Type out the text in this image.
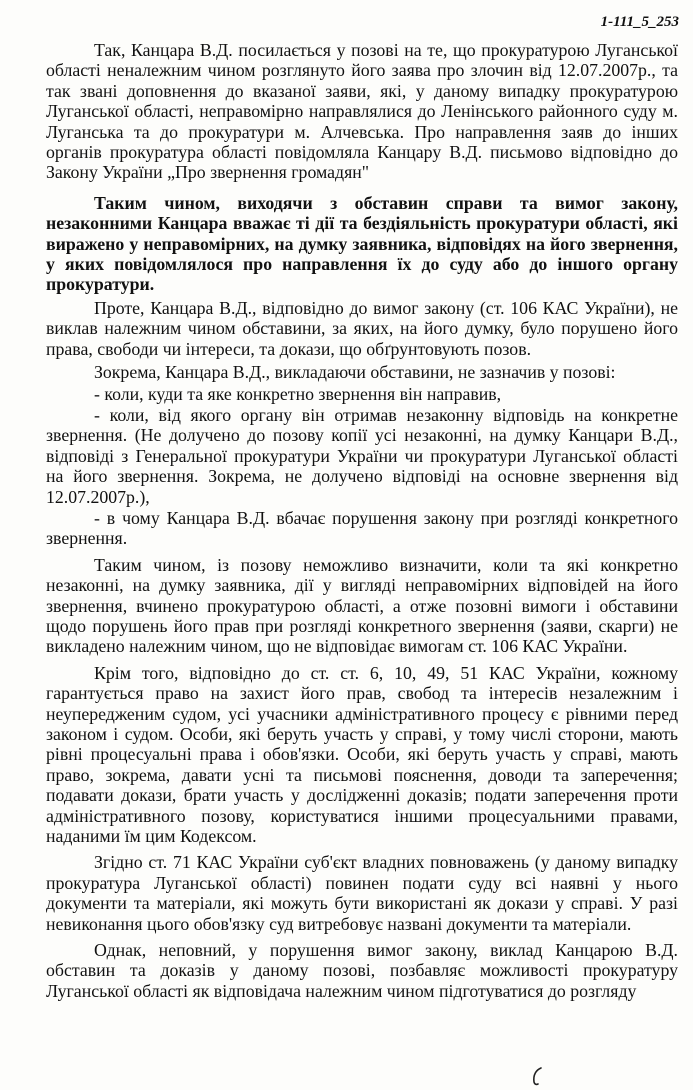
1-111_5_253

Так, Канцара В.Д. посилається у позові на те, що прокуратурою Луганської області неналежним чином розглянуто його заява про злочин від 12.07.2007р., та так звані доповнення до вказаної заяви, які, у даному випадку прокуратурою Луганської області, неправомірно направлялися до Ленінського районного суду м. Луганська та до прокуратури м. Алчевська. Про направлення заяв до інших органів прокуратура області повідомляла Канцару В.Д. письмово відповідно до Закону України „Про звернення громадян"

Таким чином, виходячи з обставин справи та вимог закону, незаконними Канцара вважає ті дії та бездіяльність прокуратури області, які виражено у неправомірних, на думку заявника, відповідях на його звернення, у яких повідомлялося про направлення їх до суду або до іншого органу прокуратури.

Проте, Канцара В.Д., відповідно до вимог закону (ст. 106 КАС України), не виклав належним чином обставини, за яких, на його думку, було порушено його права, свободи чи інтереси, та докази, що обґрунтовують позов.

Зокрема, Канцара В.Д., викладаючи обставини, не зазначив у позові:

- коли, куди та яке конкретно звернення він направив,

- коли, від якого органу він отримав незаконну відповідь на конкретне звернення. (Не долучено до позову копії усі незаконні, на думку Канцари В.Д., відповіді з Генеральної прокуратури України чи прокуратури Луганської області на його звернення. Зокрема, не долучено відповіді на основне звернення від 12.07.2007р.),

- в чому Канцара В.Д. вбачає порушення закону при розгляді конкретного звернення.

Таким чином, із позову неможливо визначити, коли та які конкретно незаконні, на думку заявника, дії у вигляді неправомірних відповідей на його звернення, вчинено прокуратурою області, а отже позовні вимоги і обставини щодо порушень його прав при розгляді конкретного звернення (заяви, скарги) не викладено належним чином, що не відповідає вимогам ст. 106 КАС України.

Крім того, відповідно до ст. ст. 6, 10, 49, 51 КАС України, кожному гарантується право на захист його прав, свобод та інтересів незалежним і неупередженим судом, усі учасники адміністративного процесу є рівними перед законом і судом. Особи, які беруть участь у справі, у тому числі сторони, мають рівні процесуальні права і обов'язки. Особи, які беруть участь у справі, мають право, зокрема, давати усні та письмові пояснення, доводи та заперечення; подавати докази, брати участь у дослідженні доказів; подати заперечення проти адміністративного позову, користуватися іншими процесуальними правами, наданими їм цим Кодексом.

Згідно ст. 71 КАС України суб'єкт владних повноважень (у даному випадку прокуратура Луганської області) повинен подати суду всі наявні у нього документи та матеріали, які можуть бути використані як докази у справі. У разі невиконання цього обов'язку суд витребовує названі документи та матеріали.

Однак, неповний, у порушення вимог закону, виклад Канцарою В.Д. обставин та доказів у даному позові, позбавляє можливості прокуратуру Луганської області як відповідача належним чином підготуватися до розгляду
